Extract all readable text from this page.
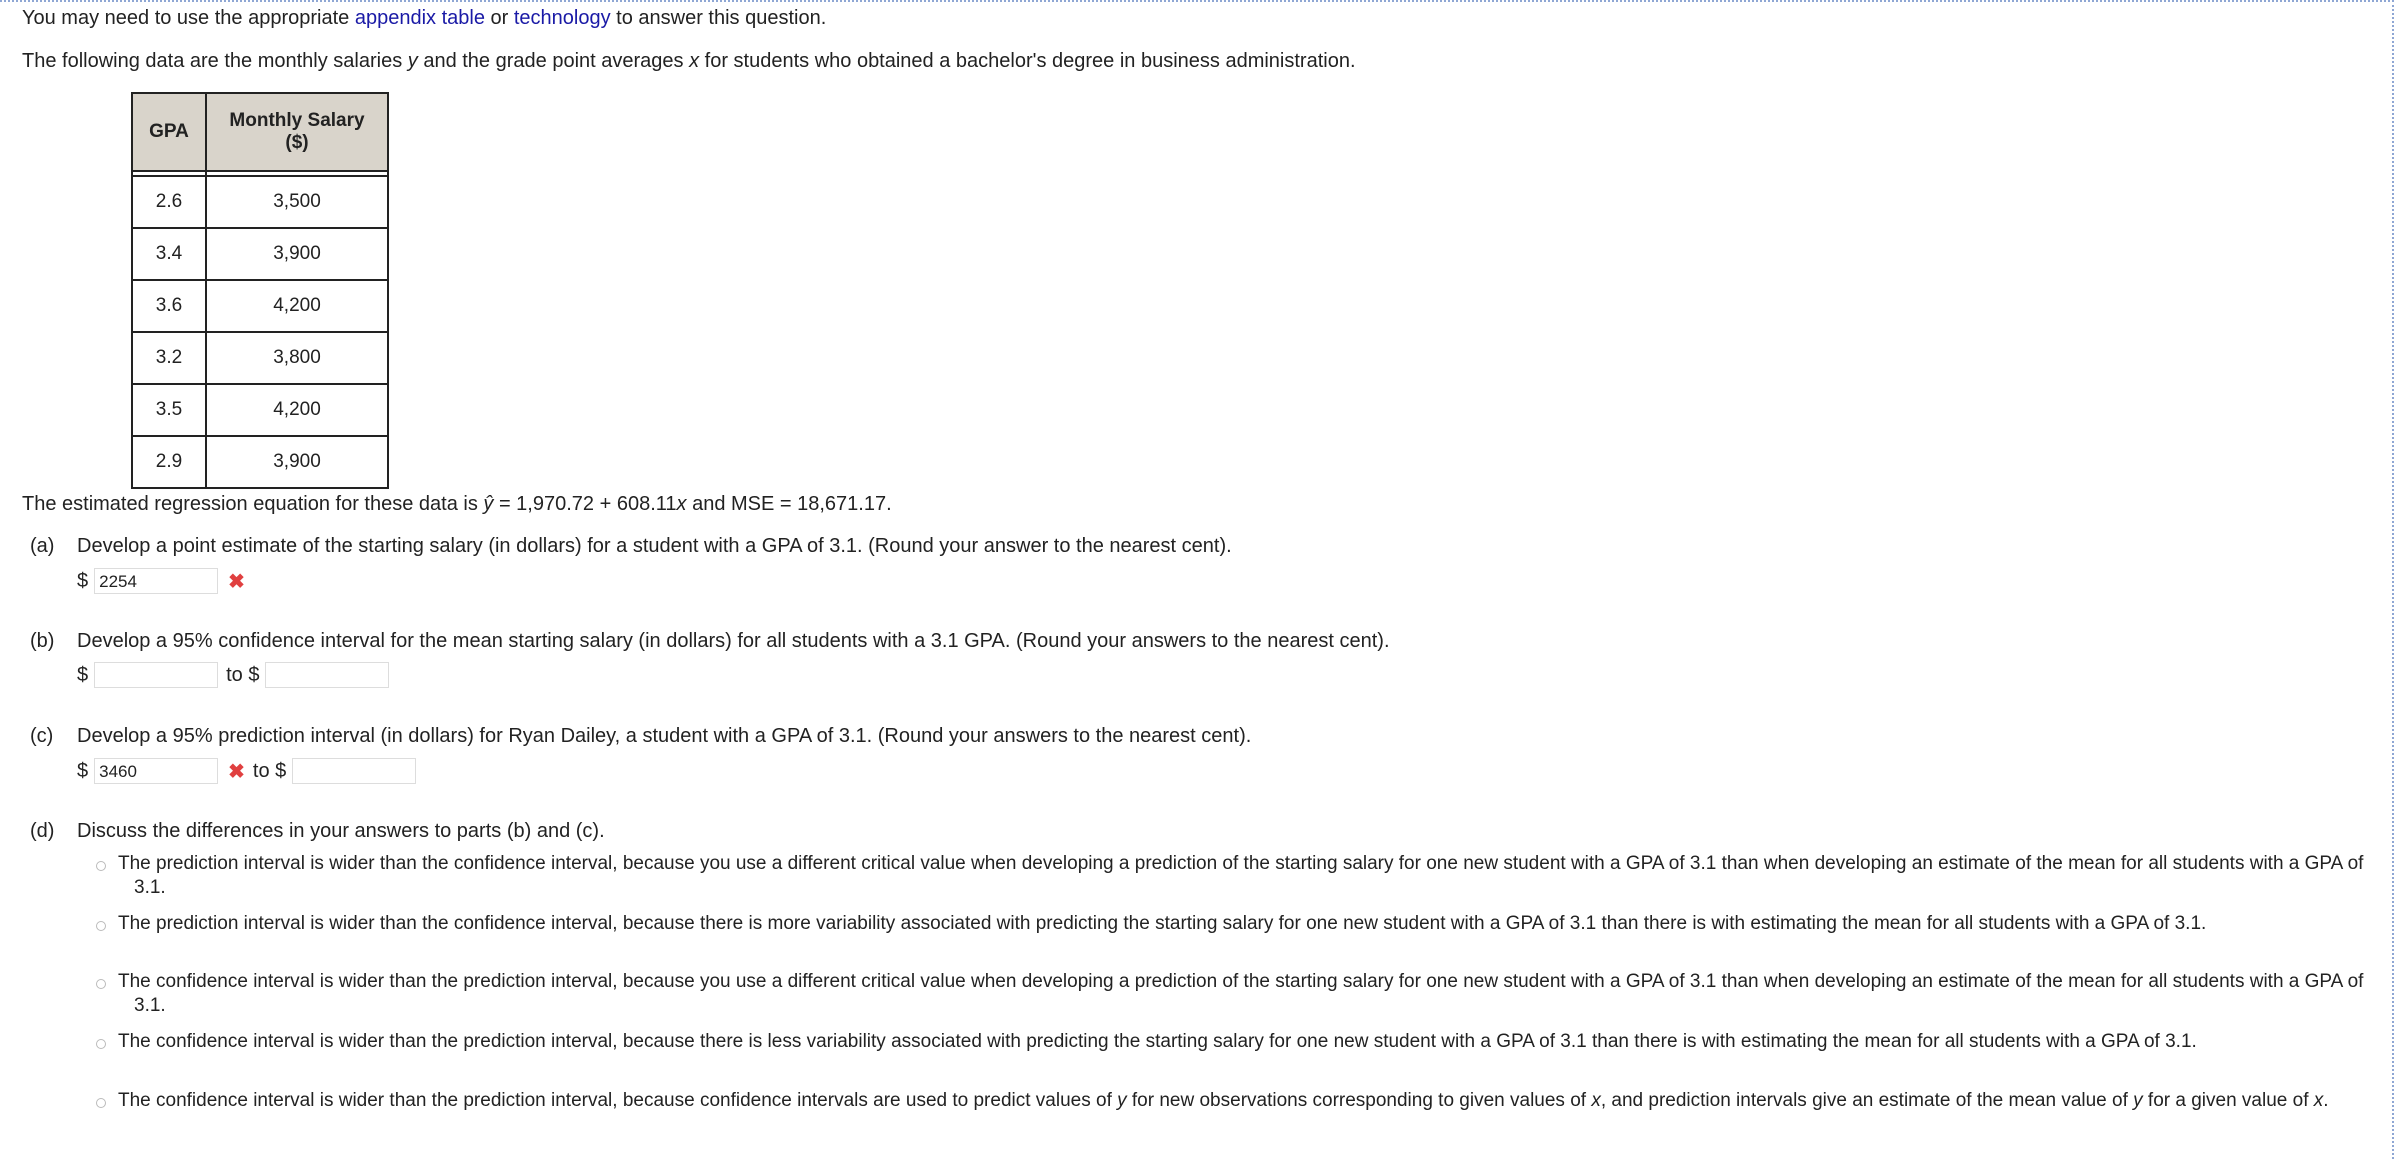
You may need to use the appropriate appendix table or technology to answer this question.
The following data are the monthly salaries y and the grade point averages x for students who obtained a bachelor's degree in business administration.
GPA	Monthly Salary
($)

2.6	3,500
3.4	3,900
3.6	4,200
3.2	3,800
3.5	4,200
2.9	3,900
The estimated regression equation for these data is ŷ = 1,970.72 + 608.11x and MSE = 18,671.17.
(a) Develop a point estimate of the starting salary (in dollars) for a student with a GPA of 3.1. (Round your answer to the nearest cent).
$ 2254	✖
(b) Develop a 95% confidence interval for the mean starting salary (in dollars) for all students with a 3.1 GPA. (Round your answers to the nearest cent).
$	to $
(c) Develop a 95% prediction interval (in dollars) for Ryan Dailey, a student with a GPA of 3.1. (Round your answers to the nearest cent).
$ 3460	✖ to $
(d) Discuss the differences in your answers to parts (b) and (c).
The prediction interval is wider than the confidence interval, because you use a different critical value when developing a prediction of the starting salary for one new student with a GPA of 3.1 than when developing an estimate of the mean for all students with a GPA of 3.1.
The prediction interval is wider than the confidence interval, because there is more variability associated with predicting the starting salary for one new student with a GPA of 3.1 than there is with estimating the mean for all students with a GPA of 3.1.
The confidence interval is wider than the prediction interval, because you use a different critical value when developing a prediction of the starting salary for one new student with a GPA of 3.1 than when developing an estimate of the mean for all students with a GPA of 3.1.
The confidence interval is wider than the prediction interval, because there is less variability associated with predicting the starting salary for one new student with a GPA of 3.1 than there is with estimating the mean for all students with a GPA of 3.1.
The confidence interval is wider than the prediction interval, because confidence intervals are used to predict values of y for new observations corresponding to given values of x, and prediction intervals give an estimate of the mean value of y for a given value of x.
